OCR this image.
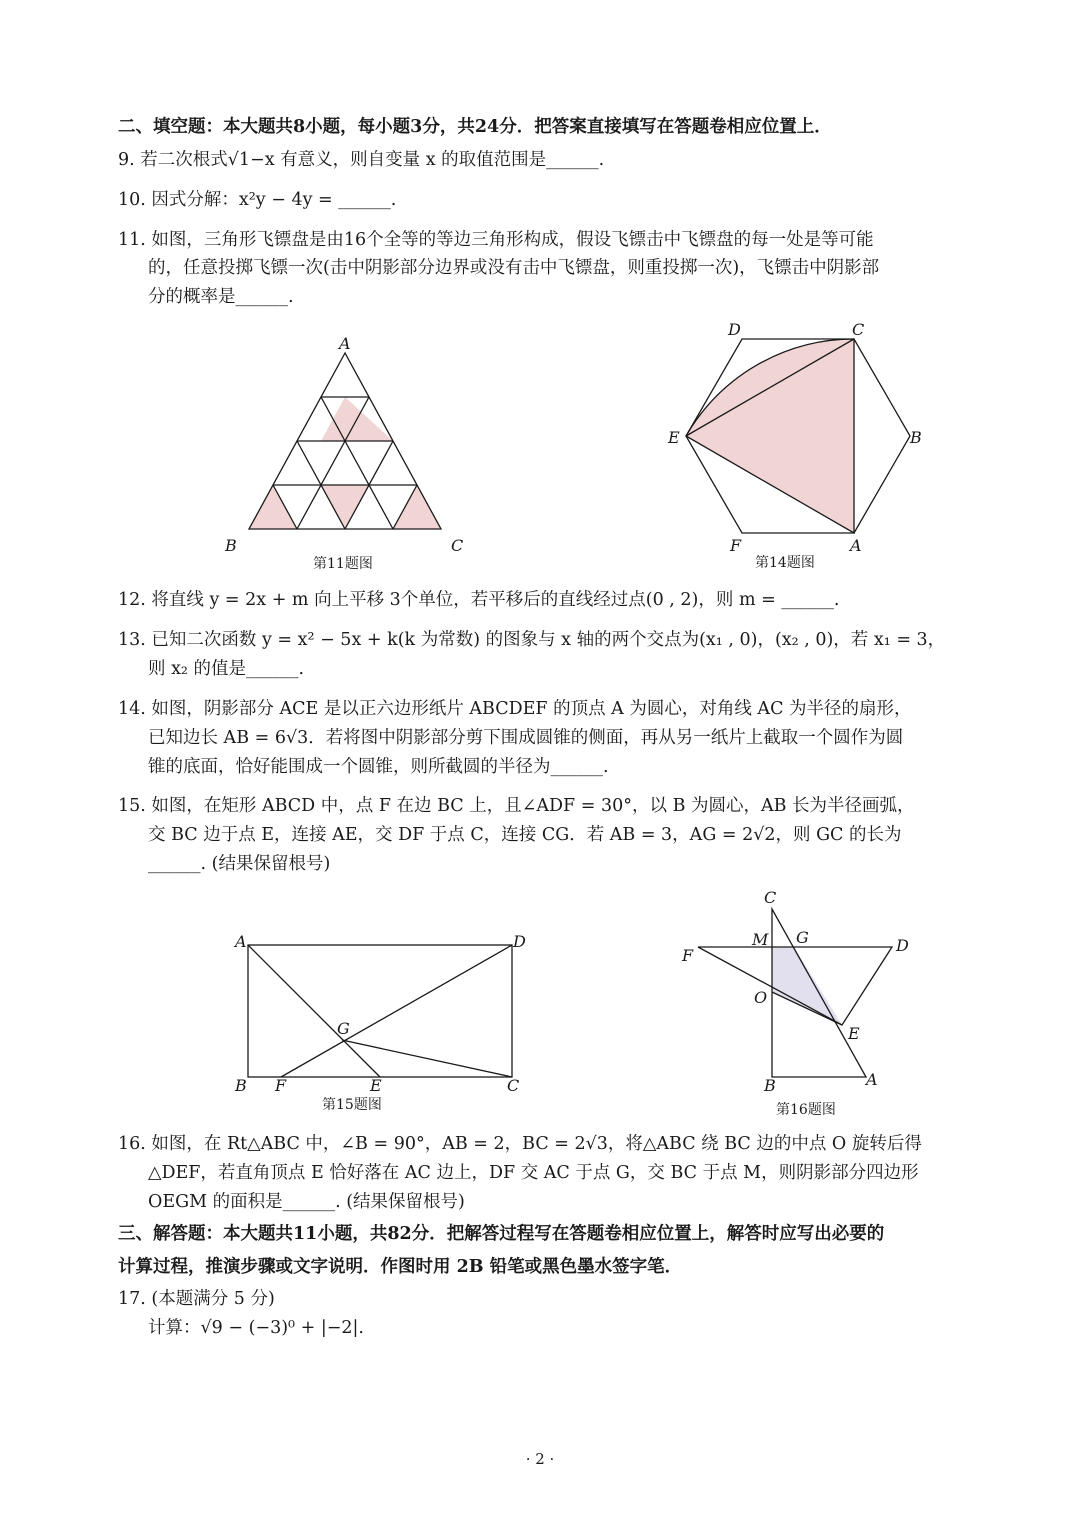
二、填空题：本大题共8小题，每小题3分，共24分．把答案直接填写在答题卷相应位置上．
9. 若二次根式√1−x 有意义，则自变量 x 的取值范围是______.
10. 因式分解：x²y − 4y = ______.
11. 如图，三角形飞镖盘是由16个全等的等边三角形构成，假设飞镖击中飞镖盘的每一处是等可能
的，任意投掷飞镖一次(击中阴影部分边界或没有击中飞镖盘，则重投掷一次)，飞镖击中阴影部
分的概率是______.
A
B	C
第11题图
D	C
E	B
F	A
第14题图
12. 将直线 y = 2x + m 向上平移 3个单位，若平移后的直线经过点(0 , 2)，则 m = ______.
13. 已知二次函数 y = x² − 5x + k(k 为常数) 的图象与 x 轴的两个交点为(x₁ , 0)，(x₂ , 0)，若 x₁ = 3，
则 x₂ 的值是______.
14. 如图，阴影部分 ACE 是以正六边形纸片 ABCDEF 的顶点 A 为圆心，对角线 AC 为半径的扇形，
已知边长 AB = 6√3．若将图中阴影部分剪下围成圆锥的侧面，再从另一纸片上截取一个圆作为圆
锥的底面，恰好能围成一个圆锥，则所截圆的半径为______.
15. 如图，在矩形 ABCD 中，点 F 在边 BC 上，且∠ADF = 30°，以 B 为圆心，AB 长为半径画弧，
交 BC 边于点 E，连接 AE，交 DF 于点 C，连接 CG．若 AB = 3，AG = 2√2，则 GC 的长为
______. (结果保留根号)
A	D
G
B F	E	C
第15题图
C
M G
F
D
O
E
B	A
第16题图
16. 如图，在 Rt△ABC 中，∠B = 90°，AB = 2，BC = 2√3，将△ABC 绕 BC 边的中点 O 旋转后得
△DEF，若直角顶点 E 恰好落在 AC 边上，DF 交 AC 于点 G，交 BC 于点 M，则阴影部分四边形
OEGM 的面积是______. (结果保留根号)
三、解答题：本大题共11小题，共82分．把解答过程写在答题卷相应位置上，解答时应写出必要的
计算过程，推演步骤或文字说明．作图时用 2B 铅笔或黑色墨水签字笔．
17. (本题满分 5 分)
计算：√9 − (−3)⁰ + |−2|.
· 2 ·
